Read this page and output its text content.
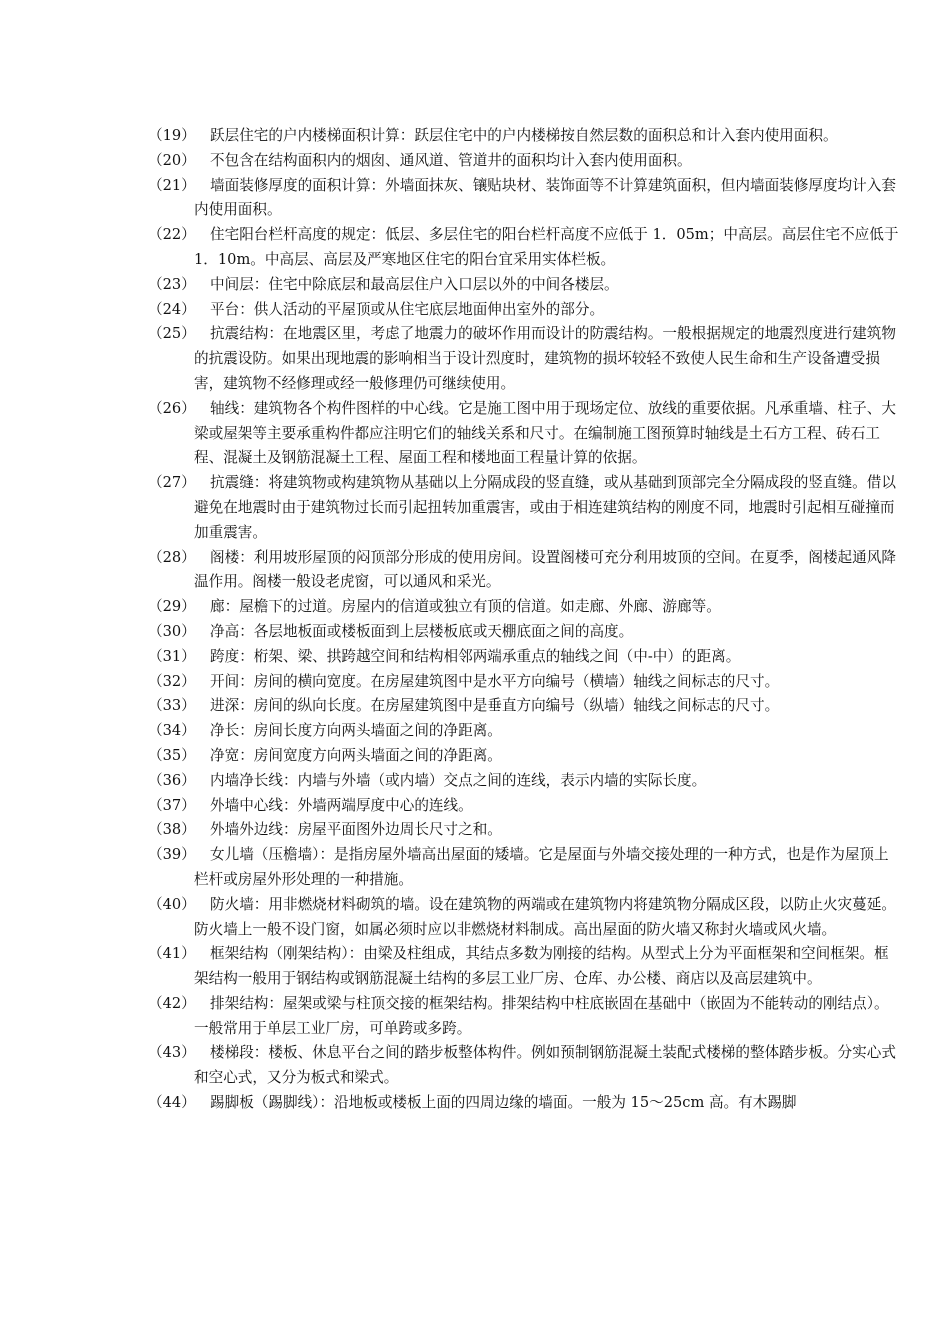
（19） 跃层住宅的户内楼梯面积计算：跃层住宅中的户内楼梯按自然层数的面积总和计入套内使用面积。
（20） 不包含在结构面积内的烟囱、通风道、管道井的面积均计入套内使用面积。
（21） 墙面装修厚度的面积计算：外墙面抹灰、镶贴块材、装饰面等不计算建筑面积，但内墙面装修厚度均计入套内使用面积。
（22） 住宅阳台栏杆高度的规定：低层、多层住宅的阳台栏杆高度不应低于 1．05m；中高层。高层住宅不应低于 1．10m。中高层、高层及严寒地区住宅的阳台宜采用实体栏板。
（23） 中间层：住宅中除底层和最高层住户入口层以外的中间各楼层。
（24） 平台：供人活动的平屋顶或从住宅底层地面伸出室外的部分。
（25） 抗震结构：在地震区里，考虑了地震力的破坏作用而设计的防震结构。一般根据规定的地震烈度进行建筑物的抗震设防。如果出现地震的影响相当于设计烈度时，建筑物的损坏较轻不致使人民生命和生产设备遭受损害，建筑物不经修理或经一般修理仍可继续使用。
（26） 轴线：建筑物各个构件图样的中心线。它是施工图中用于现场定位、放线的重要依据。凡承重墙、柱子、大梁或屋架等主要承重构件都应注明它们的轴线关系和尺寸。在编制施工图预算时轴线是土石方工程、砖石工程、混凝土及钢筋混凝土工程、屋面工程和楼地面工程量计算的依据。
（27） 抗震缝：将建筑物或构建筑物从基础以上分隔成段的竖直缝，或从基础到顶部完全分隔成段的竖直缝。借以避免在地震时由于建筑物过长而引起扭转加重震害，或由于相连建筑结构的刚度不同，地震时引起相互碰撞而加重震害。
（28） 阁楼：利用坡形屋顶的闷顶部分形成的使用房间。设置阁楼可充分利用坡顶的空间。在夏季，阁楼起通风降温作用。阁楼一般设老虎窗，可以通风和采光。
（29） 廊：屋檐下的过道。房屋内的信道或独立有顶的信道。如走廊、外廊、游廊等。
（30） 净高：各层地板面或楼板面到上层楼板底或天棚底面之间的高度。
（31） 跨度：桁架、梁、拱跨越空间和结构相邻两端承重点的轴线之间（中-中）的距离。
（32） 开间：房间的横向宽度。在房屋建筑图中是水平方向编号（横墙）轴线之间标志的尺寸。
（33） 进深：房间的纵向长度。在房屋建筑图中是垂直方向编号（纵墙）轴线之间标志的尺寸。
（34） 净长：房间长度方向两头墙面之间的净距离。
（35） 净宽：房间宽度方向两头墙面之间的净距离。
（36） 内墙净长线：内墙与外墙（或内墙）交点之间的连线，表示内墙的实际长度。
（37） 外墙中心线：外墙两端厚度中心的连线。
（38） 外墙外边线：房屋平面图外边周长尺寸之和。
（39） 女儿墙（压檐墙）：是指房屋外墙高出屋面的矮墙。它是屋面与外墙交接处理的一种方式，也是作为屋顶上栏杆或房屋外形处理的一种措施。
（40） 防火墙：用非燃烧材料砌筑的墙。设在建筑物的两端或在建筑物内将建筑物分隔成区段，以防止火灾蔓延。防火墙上一般不设门窗，如属必须时应以非燃烧材料制成。高出屋面的防火墙又称封火墙或风火墙。
（41） 框架结构（刚架结构）：由梁及柱组成，其结点多数为刚接的结构。从型式上分为平面框架和空间框架。框架结构一般用于钢结构或钢筋混凝土结构的多层工业厂房、仓库、办公楼、商店以及高层建筑中。
（42） 排架结构：屋架或梁与柱顶交接的框架结构。排架结构中柱底嵌固在基础中（嵌固为不能转动的刚结点）。一般常用于单层工业厂房，可单跨或多跨。
（43） 楼梯段：楼板、休息平台之间的踏步板整体构件。例如预制钢筋混凝土装配式楼梯的整体踏步板。分实心式和空心式，又分为板式和梁式。
（44） 踢脚板（踢脚线）：沿地板或楼板上面的四周边缘的墙面。一般为 15～25cm 高。有木踢脚
